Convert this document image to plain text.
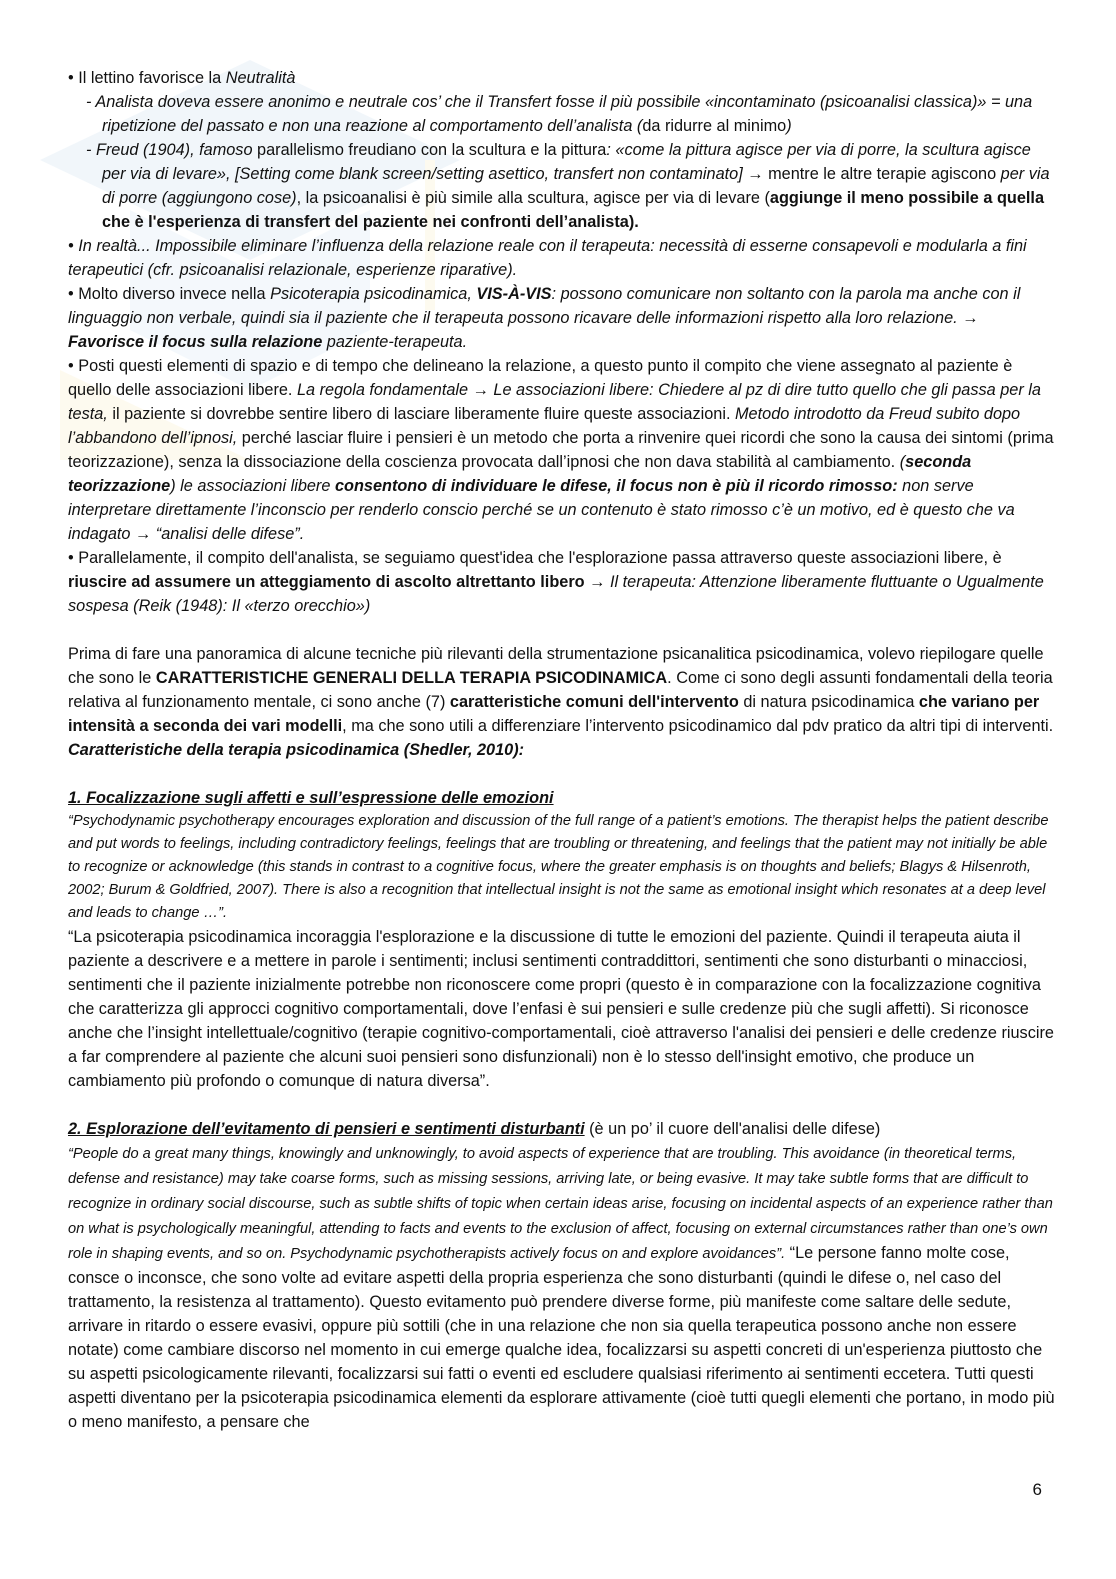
• Il lettino favorisce la Neutralità

- Analista doveva essere anonimo e neutrale cos’ che il Transfert fosse il più possibile «incontaminato (psicoanalisi classica)» = una ripetizione del passato e non una reazione al comportamento dell’analista (da ridurre al minimo)

- Freud (1904), famoso parallelismo freudiano con la scultura e la pittura: «come la pittura agisce per via di porre, la scultura agisce per via di levare», [Setting come blank screen/setting asettico, transfert non contaminato] → mentre le altre terapie agiscono per via di porre (aggiungono cose), la psicoanalisi è più simile alla scultura, agisce per via di levare (aggiunge il meno possibile a quella che è l'esperienza di transfert del paziente nei confronti dell’analista).

• In realtà... Impossibile eliminare l’influenza della relazione reale con il terapeuta: necessità di esserne consapevoli e modularla a fini terapeutici (cfr. psicoanalisi relazionale, esperienze riparative).

• Molto diverso invece nella Psicoterapia psicodinamica, VIS-À-VIS: possono comunicare non soltanto con la parola ma anche con il linguaggio non verbale, quindi sia il paziente che il terapeuta possono ricavare delle informazioni rispetto alla loro relazione. → Favorisce il focus sulla relazione paziente-terapeuta.

• Posti questi elementi di spazio e di tempo che delineano la relazione, a questo punto il compito che viene assegnato al paziente è quello delle associazioni libere. La regola fondamentale → Le associazioni libere: Chiedere al pz di dire tutto quello che gli passa per la testa, il paziente si dovrebbe sentire libero di lasciare liberamente fluire queste associazioni. Metodo introdotto da Freud subito dopo l’abbandono dell’ipnosi, perché lasciar fluire i pensieri è un metodo che porta a rinvenire quei ricordi che sono la causa dei sintomi (prima teorizzazione), senza la dissociazione della coscienza provocata dall’ipnosi che non dava stabilità al cambiamento. (seconda teorizzazione) le associazioni libere consentono di individuare le difese, il focus non è più il ricordo rimosso: non serve interpretare direttamente l’inconscio per renderlo conscio perché se un contenuto è stato rimosso c’è un motivo, ed è questo che va indagato → “analisi delle difese”.

• Parallelamente, il compito dell'analista, se seguiamo quest'idea che l'esplorazione passa attraverso queste associazioni libere, è riuscire ad assumere un atteggiamento di ascolto altrettanto libero → Il terapeuta: Attenzione liberamente fluttuante o Ugualmente sospesa (Reik (1948): Il «terzo orecchio»)

Prima di fare una panoramica di alcune tecniche più rilevanti della strumentazione psicanalitica psicodinamica, volevo riepilogare quelle che sono le CARATTERISTICHE GENERALI DELLA TERAPIA PSICODINAMICA. Come ci sono degli assunti fondamentali della teoria relativa al funzionamento mentale, ci sono anche (7) caratteristiche comuni dell'intervento di natura psicodinamica che variano per intensità a seconda dei vari modelli, ma che sono utili a differenziare l’intervento psicodinamico dal pdv pratico da altri tipi di interventi. Caratteristiche della terapia psicodinamica (Shedler, 2010):

1. Focalizzazione sugli affetti e sull’espressione delle emozioni

“Psychodynamic psychotherapy encourages exploration and discussion of the full range of a patient’s emotions. The therapist helps the patient describe and put words to feelings, including contradictory feelings, feelings that are troubling or threatening, and feelings that the patient may not initially be able to recognize or acknowledge (this stands in contrast to a cognitive focus, where the greater emphasis is on thoughts and beliefs; Blagys & Hilsenroth, 2002; Burum & Goldfried, 2007). There is also a recognition that intellectual insight is not the same as emotional insight which resonates at a deep level and leads to change …”.

“La psicoterapia psicodinamica incoraggia l'esplorazione e la discussione di tutte le emozioni del paziente. Quindi il terapeuta aiuta il paziente a descrivere e a mettere in parole i sentimenti; inclusi sentimenti contraddittori, sentimenti che sono disturbanti o minacciosi, sentimenti che il paziente inizialmente potrebbe non riconoscere come propri (questo è in comparazione con la focalizzazione cognitiva che caratterizza gli approcci cognitivo comportamentali, dove l’enfasi è sui pensieri e sulle credenze più che sugli affetti). Si riconosce anche che l’insight intellettuale/cognitivo (terapie cognitivo-comportamentali, cioè attraverso l'analisi dei pensieri e delle credenze riuscire a far comprendere al paziente che alcuni suoi pensieri sono disfunzionali) non è lo stesso dell'insight emotivo, che produce un cambiamento più profondo o comunque di natura diversa”.

2. Esplorazione dell’evitamento di pensieri e sentimenti disturbanti (è un po’ il cuore dell'analisi delle difese)

“People do a great many things, knowingly and unknowingly, to avoid aspects of experience that are troubling. This avoidance (in theoretical terms, defense and resistance) may take coarse forms, such as missing sessions, arriving late, or being evasive. It may take subtle forms that are difficult to recognize in ordinary social discourse, such as subtle shifts of topic when certain ideas arise, focusing on incidental aspects of an experience rather than on what is psychologically meaningful, attending to facts and events to the exclusion of affect, focusing on external circumstances rather than one’s own role in shaping events, and so on. Psychodynamic psychotherapists actively focus on and explore avoidances”. “Le persone fanno molte cose, consce o inconsce, che sono volte ad evitare aspetti della propria esperienza che sono disturbanti (quindi le difese o, nel caso del trattamento, la resistenza al trattamento). Questo evitamento può prendere diverse forme, più manifeste come saltare delle sedute, arrivare in ritardo o essere evasivi, oppure più sottili (che in una relazione che non sia quella terapeutica possono anche non essere notate) come cambiare discorso nel momento in cui emerge qualche idea, focalizzarsi su aspetti concreti di un'esperienza piuttosto che su aspetti psicologicamente rilevanti, focalizzarsi sui fatti o eventi ed escludere qualsiasi riferimento ai sentimenti eccetera. Tutti questi aspetti diventano per la psicoterapia psicodinamica elementi da esplorare attivamente (cioè tutti quegli elementi che portano, in modo più o meno manifesto, a pensare che

6
